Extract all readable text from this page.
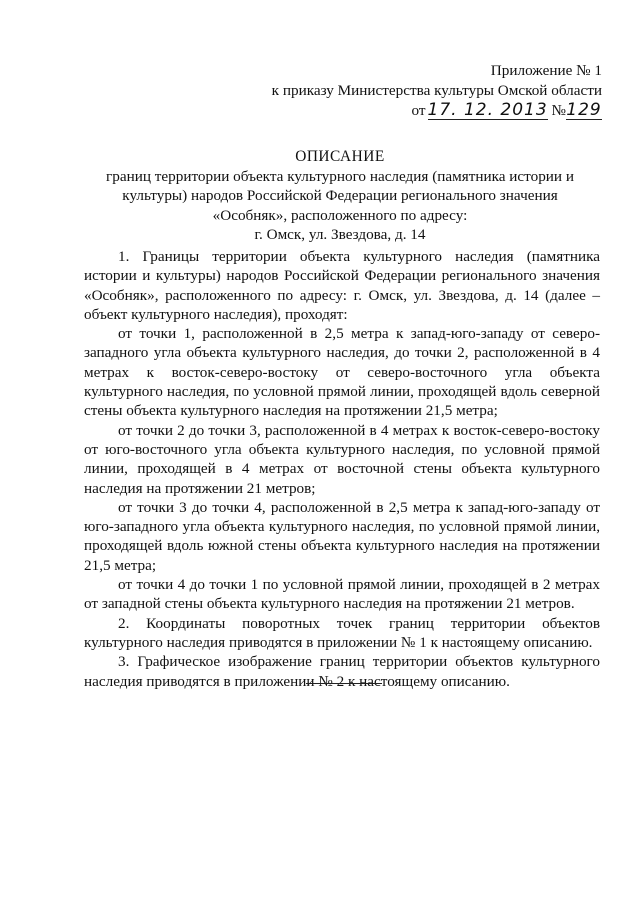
Приложение № 1
к приказу Министерства культуры Омской области
от 17. 12. 2013 №129
ОПИСАНИЕ
границ территории объекта культурного наследия (памятника истории и
культуры) народов Российской Федерации регионального значения
«Особняк», расположенного по адресу:
г. Омск, ул. Звездова, д. 14

1. Границы территории объекта культурного наследия (памятника истории и культуры) народов Российской Федерации регионального значения «Особняк», расположенного по адресу: г. Омск, ул. Звездова, д. 14 (далее – объект культурного наследия), проходят:

от точки 1, расположенной в 2,5 метра к запад-юго-западу от северо-западного угла объекта культурного наследия, до точки 2, расположенной в 4 метрах к восток-северо-востоку от северо-восточного угла объекта культурного наследия, по условной прямой линии, проходящей вдоль северной стены объекта культурного наследия на протяжении 21,5 метра;

от точки 2 до точки 3, расположенной в 4 метрах к восток-северо-востоку от юго-восточного угла объекта культурного наследия, по условной прямой линии, проходящей в 4 метрах от восточной стены объекта культурного наследия на протяжении 21 метров;

от точки 3 до точки 4, расположенной в 2,5 метра к запад-юго-западу от юго-западного угла объекта культурного наследия, по условной прямой линии, проходящей вдоль южной стены объекта культурного наследия на протяжении 21,5 метра;

от точки 4 до точки 1 по условной прямой линии, проходящей в 2 метрах от западной стены объекта культурного наследия на протяжении 21 метров.

2. Координаты поворотных точек границ территории объектов культурного наследия приводятся в приложении № 1 к настоящему описанию.

3. Графическое изображение границ территории объектов культурного наследия приводятся в приложении № 2 к настоящему описанию.
